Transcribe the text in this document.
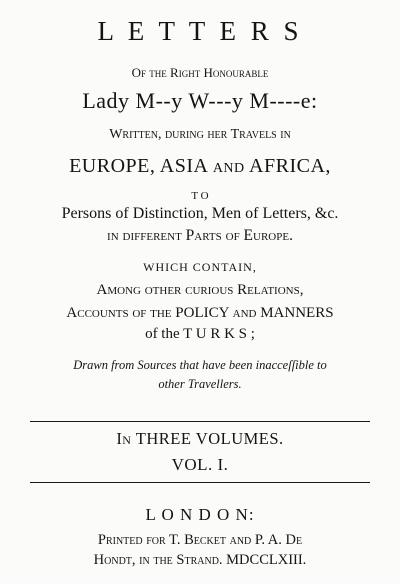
L E T T E R S
Of the Right Honourable
Lady M--y W---y M----e:
Written, during her Travels in
EUROPE, ASIA and AFRICA,
T O
Persons of Distinction, Men of Letters, &c.
in different Parts of Europe.
WHICH CONTAIN,
Among other curious Relations,
Accounts of the POLICY and MANNERS
of the T U R K S ;
Drawn from Sources that have been inacceſſible to
other Travellers.
In THREE VOLUMES.
VOL. I.
L O N D O N:
Printed for T. Becket and P. A. De
Hondt, in the Strand. MDCCLXIII.
